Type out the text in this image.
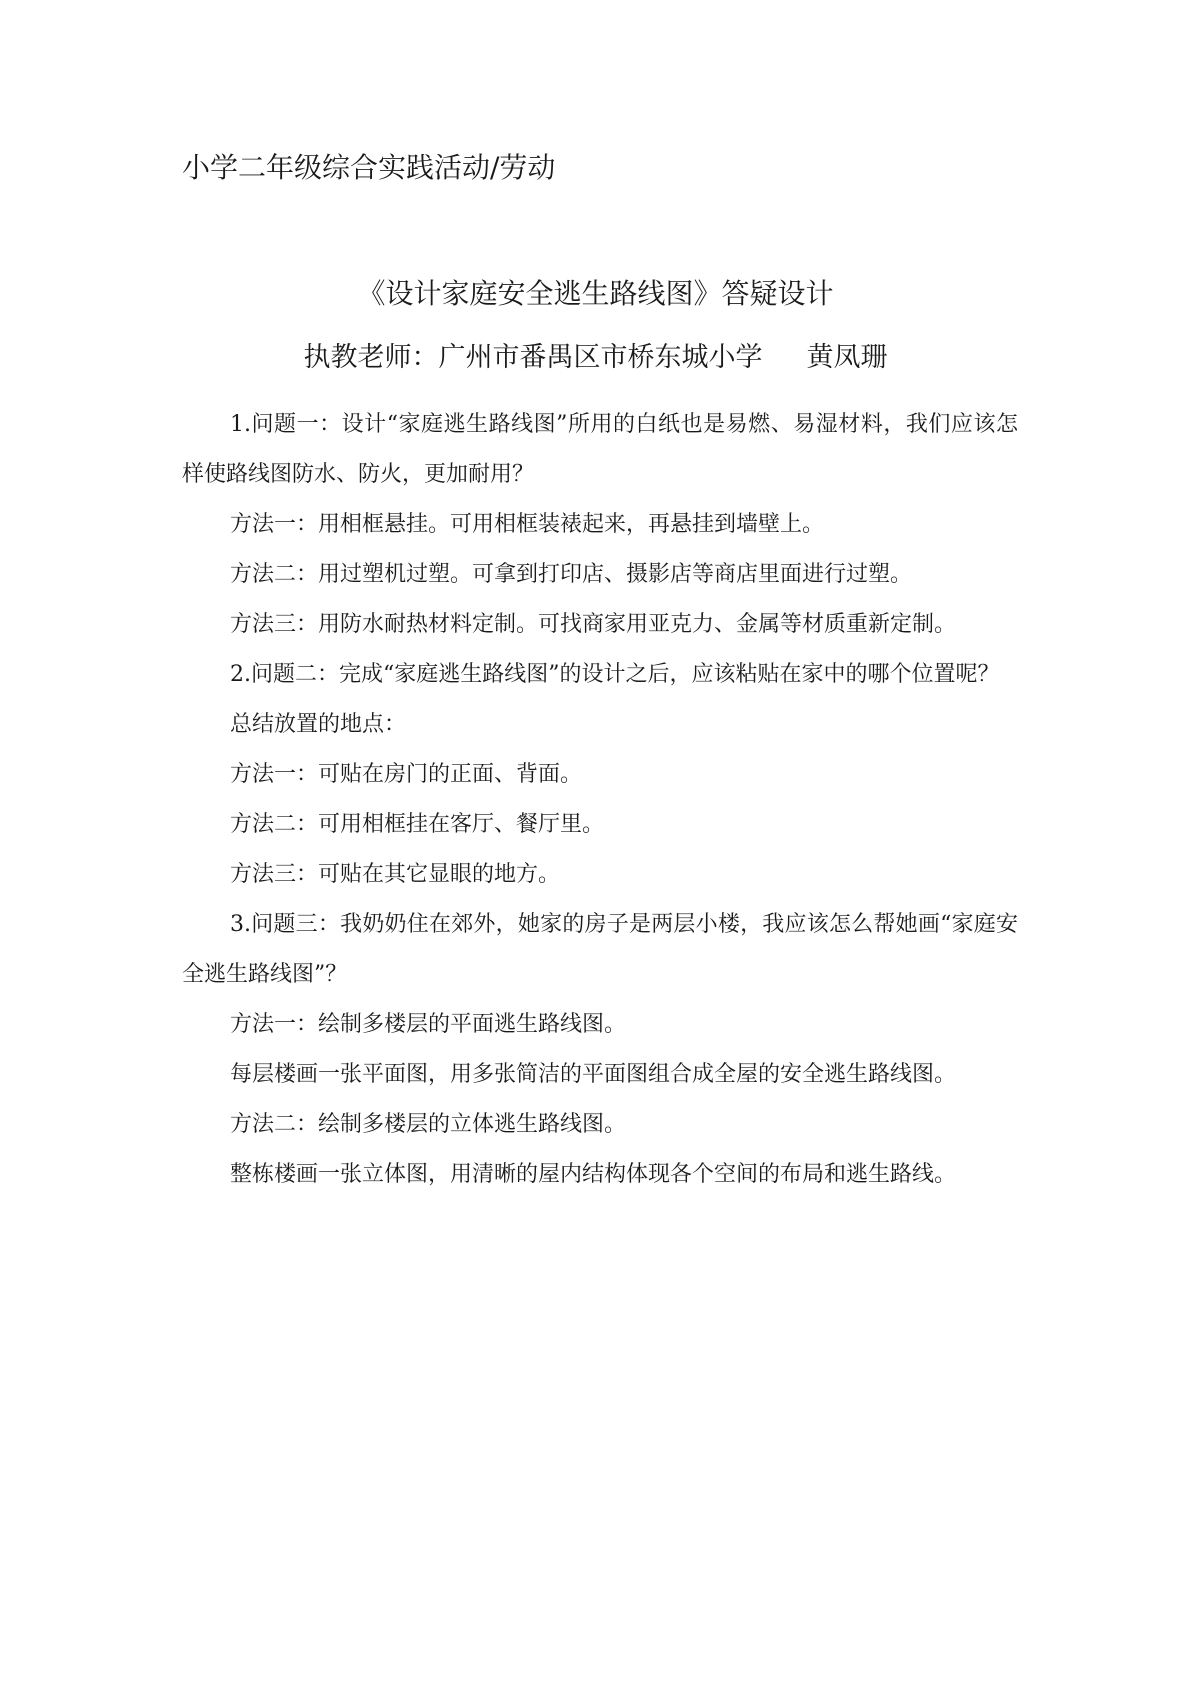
小学二年级综合实践活动/劳动
《设计家庭安全逃生路线图》答疑设计
执教老师：广州市番禺区市桥东城小学 黄凤珊

1.问题一：设计“家庭逃生路线图”所用的白纸也是易燃、易湿材料，我们应该怎样使路线图防水、防火，更加耐用？

方法一：用相框悬挂。可用相框装裱起来，再悬挂到墙壁上。

方法二：用过塑机过塑。可拿到打印店、摄影店等商店里面进行过塑。

方法三：用防水耐热材料定制。可找商家用亚克力、金属等材质重新定制。

2.问题二：完成“家庭逃生路线图”的设计之后，应该粘贴在家中的哪个位置呢？

总结放置的地点：

方法一：可贴在房门的正面、背面。

方法二：可用相框挂在客厅、餐厅里。

方法三：可贴在其它显眼的地方。

3.问题三：我奶奶住在郊外，她家的房子是两层小楼，我应该怎么帮她画“家庭安全逃生路线图”？

方法一：绘制多楼层的平面逃生路线图。

每层楼画一张平面图，用多张简洁的平面图组合成全屋的安全逃生路线图。

方法二：绘制多楼层的立体逃生路线图。

整栋楼画一张立体图，用清晰的屋内结构体现各个空间的布局和逃生路线。
